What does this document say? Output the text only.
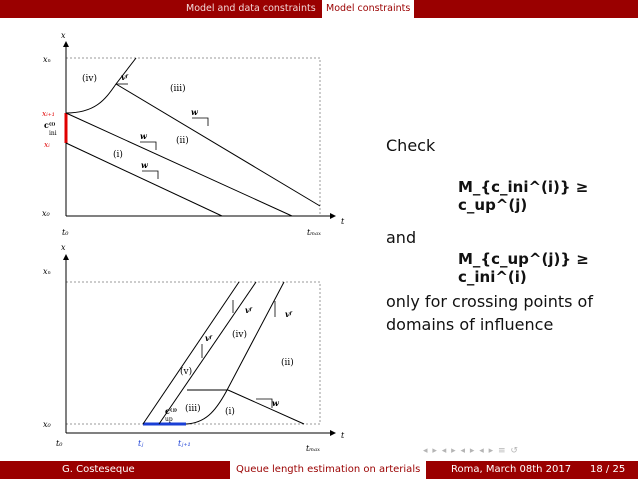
Model and data constraints	Model constraints
x
t
xₙ
xᵢ₊₁
c⁽ⁱ⁾
ini
xᵢ
x₀
t₀	tₘₐₓ
(iv)
(iii)
(ii)
(i)
vᶠ
w
w
w
x
t
xₙ
x₀
t₀	tⱼ	tⱼ₊₁
tₘₐₓ
c⁽ʲ⁾
up
(v)
(iv)
(iii)
(ii)
(i)
vᶠ
vᶠ	vᶠ
w
Check
M_{c_ini^(i)} ≥ c_up^(j)
and
M_{c_up^(j)} ≥ c_ini^(i)
only for crossing points of
domains of influence
◂ ▸ ◂ ▸ ◂ ▸ ◂ ▸ ≡ ↺
G. Costeseque	Queue length estimation on arterials	Roma, March 08th 2017 18 / 25
